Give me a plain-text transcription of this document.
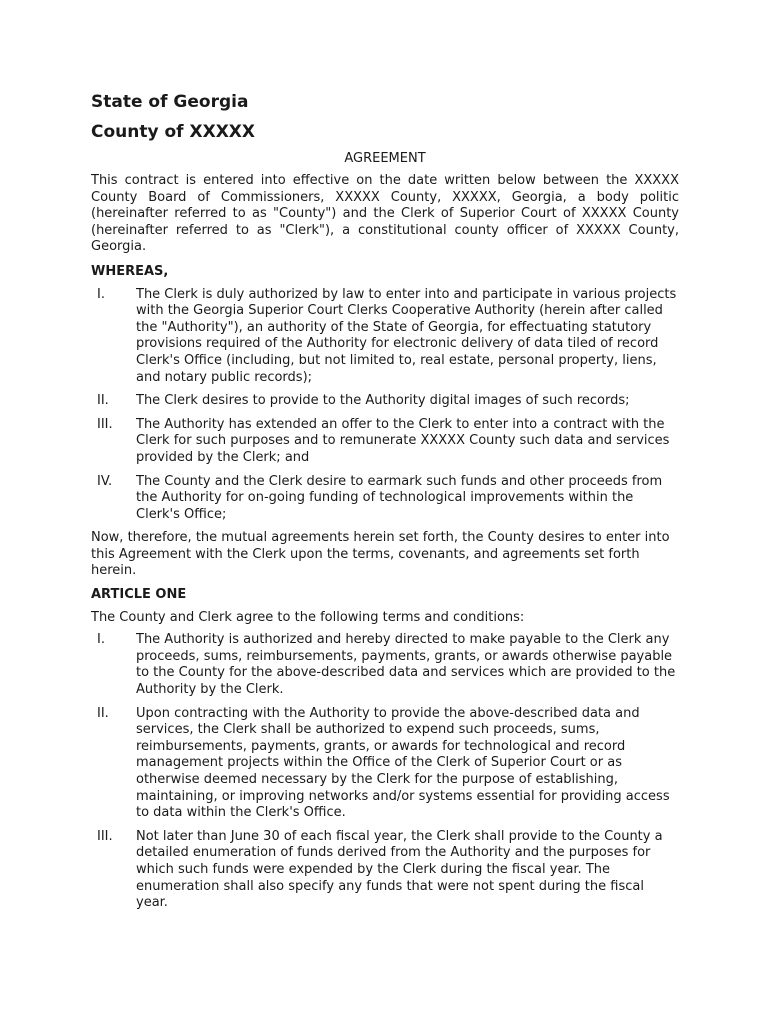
State of Georgia
County of XXXXX
AGREEMENT

This contract is entered into effective on the date written below between the XXXXX County Board of Commissioners, XXXXX County, XXXXX, Georgia, a body politic (hereinafter referred to as "County") and the Clerk of Superior Court of XXXXX County (hereinafter referred to as "Clerk"), a constitutional county officer of XXXXX County, Georgia.

WHEREAS,
I.	The Clerk is duly authorized by law to enter into and participate in various projects with the Georgia Superior Court Clerks Cooperative Authority (herein after called the "Authority"), an authority of the State of Georgia, for effectuating statutory provisions required of the Authority for electronic delivery of data tiled of record Clerk's Office (including, but not limited to, real estate, personal property, liens, and notary public records);
II.	The Clerk desires to provide to the Authority digital images of such records;
III.	The Authority has extended an offer to the Clerk to enter into a contract with the Clerk for such purposes and to remunerate XXXXX County such data and services provided by the Clerk; and
IV.	The County and the Clerk desire to earmark such funds and other proceeds from the Authority for on-going funding of technological improvements within the Clerk's Office;

Now, therefore, the mutual agreements herein set forth, the County desires to enter into this Agreement with the Clerk upon the terms, covenants, and agreements set forth herein.

ARTICLE ONE

The County and Clerk agree to the following terms and conditions:

I.	The Authority is authorized and hereby directed to make payable to the Clerk any proceeds, sums, reimbursements, payments, grants, or awards otherwise payable to the County for the above-described data and services which are provided to the Authority by the Clerk.
II.	Upon contracting with the Authority to provide the above-described data and services, the Clerk shall be authorized to expend such proceeds, sums, reimbursements, payments, grants, or awards for technological and record management projects within the Office of the Clerk of Superior Court or as otherwise deemed necessary by the Clerk for the purpose of establishing, maintaining, or improving networks and/or systems essential for providing access to data within the Clerk's Office.
III.	Not later than June 30 of each fiscal year, the Clerk shall provide to the County a detailed enumeration of funds derived from the Authority and the purposes for which such funds were expended by the Clerk during the fiscal year. The enumeration shall also specify any funds that were not spent during the fiscal year.
